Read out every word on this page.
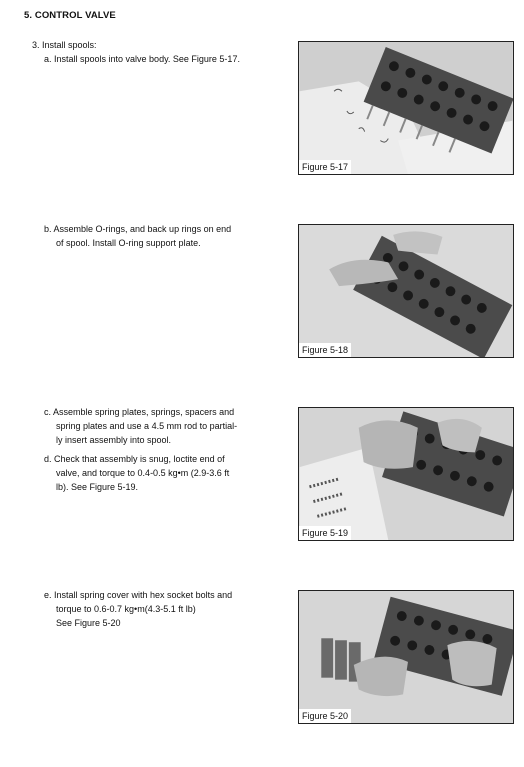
5. CONTROL VALVE
3. Install spools:
a. Install spools into valve body. See Figure 5-17.
b. Assemble O-rings, and back up rings on end
of spool. Install O-ring support plate.
c. Assemble spring plates, springs, spacers and
spring plates and use a 4.5 mm rod to partial-
ly insert assembly into spool.
d. Check that assembly is snug, loctite end of
valve, and torque to 0.4-0.5 kg•m (2.9-3.6 ft
lb). See Figure 5-19.
e. Install spring cover with hex socket bolts and
torque to 0.6-0.7 kg•m(4.3-5.1 ft lb)
See Figure 5-20
Figure 5-17
Figure 5-18
Figure 5-19
Figure 5-20
